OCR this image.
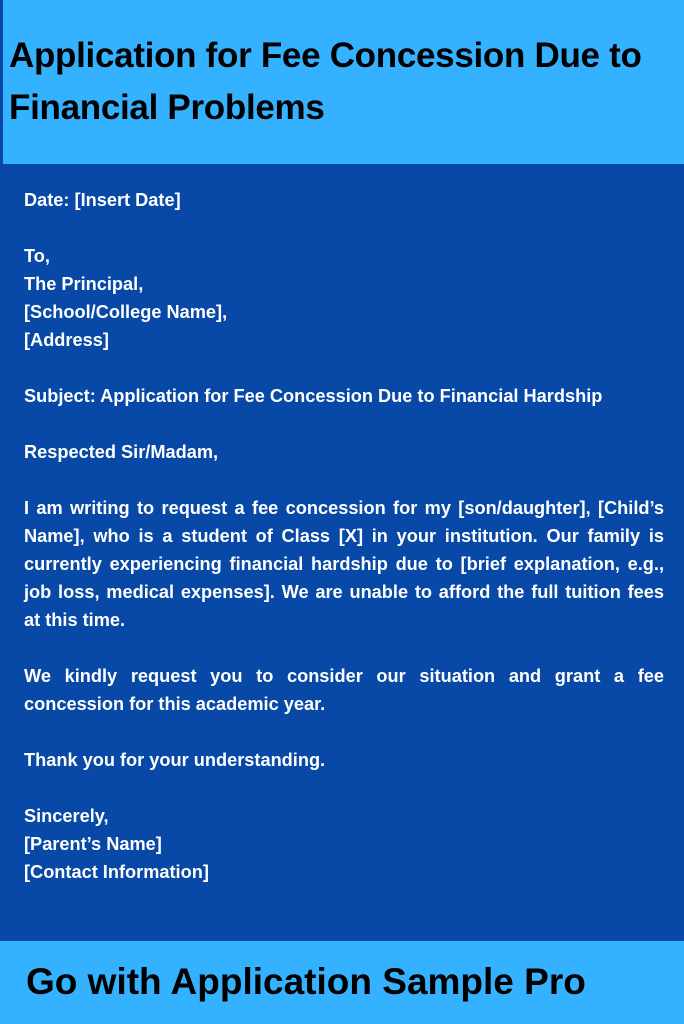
Application for Fee Concession Due to Financial Problems

Date: [Insert Date]

To,

The Principal,

[School/College Name],

[Address]

Subject: Application for Fee Concession Due to Financial Hardship

Respected Sir/Madam,

I am writing to request a fee concession for my [son/daughter], [Child’s Name], who is a student of Class [X] in your institution. Our family is currently experiencing financial hardship due to [brief explanation, e.g., job loss, medical expenses]. We are unable to afford the full tuition fees at this time.

We kindly request you to consider our situation and grant a fee concession for this academic year.

Thank you for your understanding.

Sincerely,

[Parent’s Name]

[Contact Information]

Go with Application Sample Pro
